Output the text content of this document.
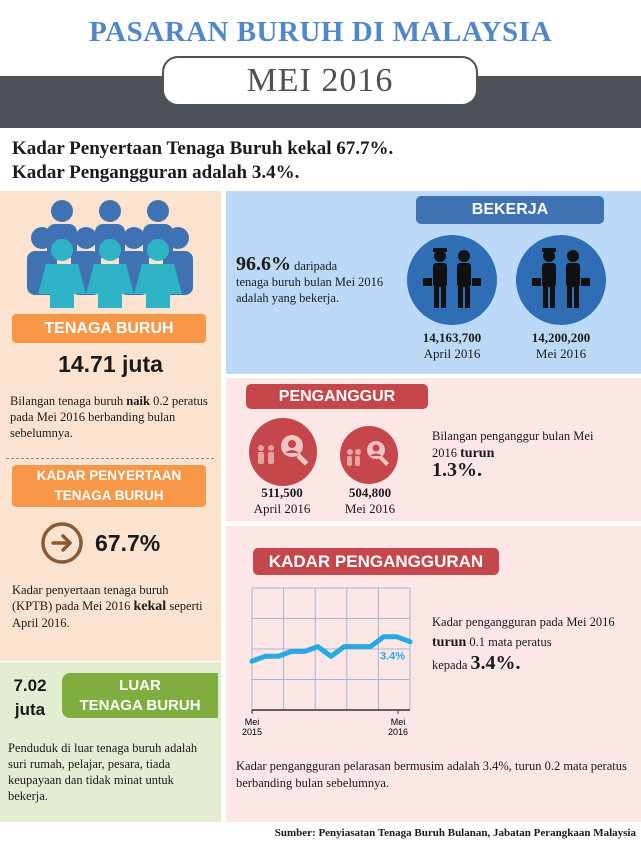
PASARAN BURUH DI MALAYSIA
MEI 2016
Kadar Penyertaan Tenaga Buruh kekal 67.7%.
Kadar Pengangguran adalah 3.4%.
TENAGA BURUH
14.71 juta
Bilangan tenaga buruh naik 0.2 peratus pada Mei 2016 berbanding bulan sebelumnya.
KADAR PENYERTAAN
TENAGA BURUH
67.7%
Kadar penyertaan tenaga buruh (KPTB) pada Mei 2016 kekal seperti April 2016.
7.02
juta
LUAR
TENAGA BURUH
Penduduk di luar tenaga buruh adalah suri rumah, pelajar, pesara, tiada keupayaan dan tidak minat untuk bekerja.
BEKERJA
96.6% daripada
tenaga buruh bulan Mei 2016 adalah yang bekerja.
14,163,700
April 2016
14,200,200
Mei 2016
PENGANGGUR
511,500
April 2016
504,800
Mei 2016
Bilangan penganggur bulan Mei 2016 turun
1.3%.
KADAR PENGANGGURAN
3.4%
Mei
2015
Mei
2016
Kadar pengangguran pada Mei 2016 turun 0.1 mata peratus
kepada 3.4%.
Kadar pengangguran pelarasan bermusim adalah 3.4%, turun 0.2 mata peratus berbanding bulan sebelumnya.
Sumber: Penyiasatan Tenaga Buruh Bulanan, Jabatan Perangkaan Malaysia
